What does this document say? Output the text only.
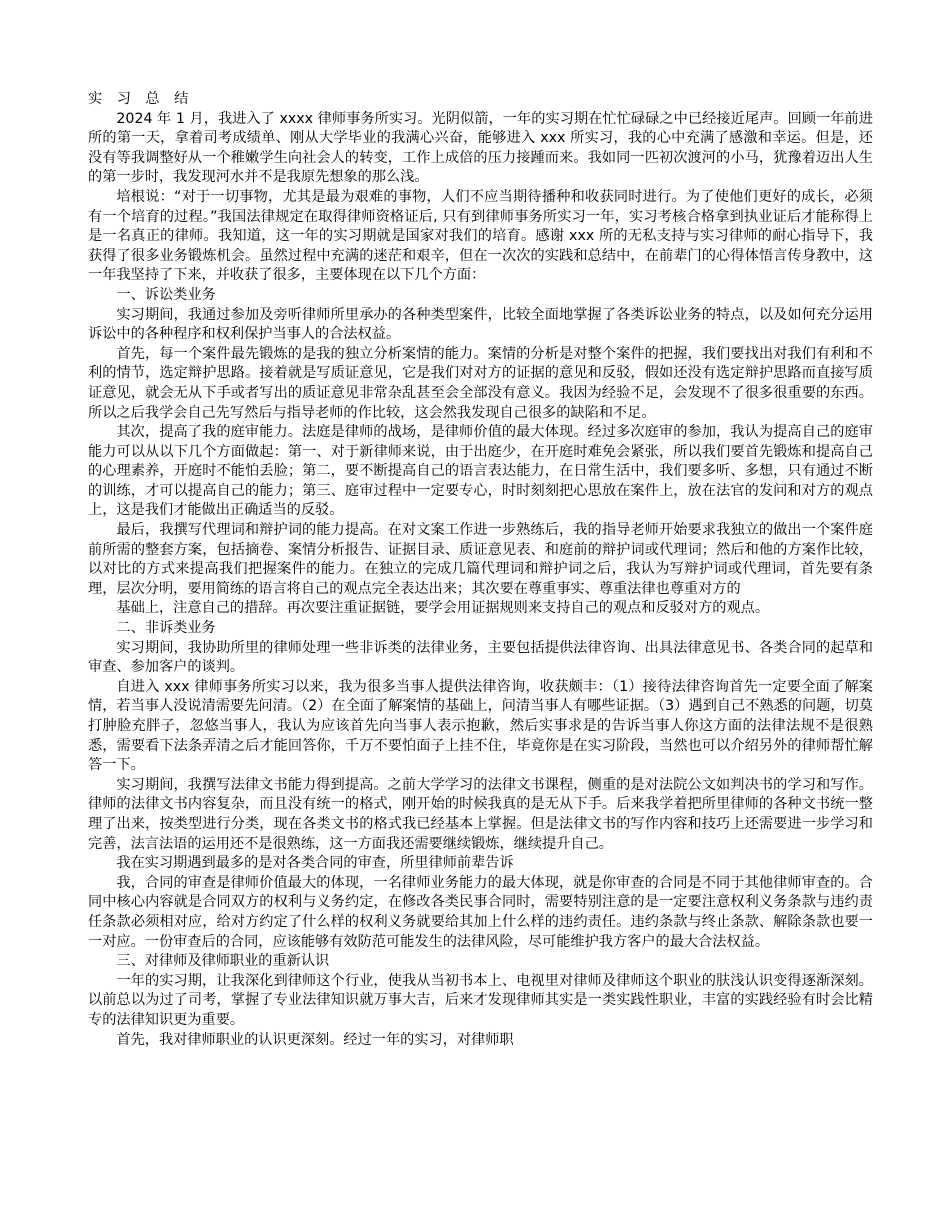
实 习 总 结

2024 年 1 月，我进入了 xxxx 律师事务所实习。光阴似箭，一年的实习期在忙忙碌碌之中已经接近尾声。回顾一年前进所的第一天，拿着司考成绩单、刚从大学毕业的我满心兴奋，能够进入 xxx 所实习，我的心中充满了感激和幸运。但是，还没有等我调整好从一个稚嫩学生向社会人的转变，工作上成倍的压力接踵而来。我如同一匹初次渡河的小马，犹豫着迈出人生的第一步时，我发现河水并不是我原先想象的那么浅。

培根说：“对于一切事物，尤其是最为艰难的事物，人们不应当期待播种和收获同时进行。为了使他们更好的成长，必须有一个培育的过程。”我国法律规定在取得律师资格证后, 只有到律师事务所实习一年，实习考核合格拿到执业证后才能称得上是一名真正的律师。我知道，这一年的实习期就是国家对我们的培育。感谢 xxx 所的无私支持与实习律师的耐心指导下，我获得了很多业务锻炼机会。虽然过程中充满的迷茫和艰辛，但在一次次的实践和总结中，在前辈门的心得体悟言传身教中，这一年我坚持了下来，并收获了很多，主要体现在以下几个方面：

一、诉讼类业务

实习期间，我通过参加及旁听律师所里承办的各种类型案件，比较全面地掌握了各类诉讼业务的特点，以及如何充分运用诉讼中的各种程序和权利保护当事人的合法权益。

首先，每一个案件最先锻炼的是我的独立分析案情的能力。案情的分析是对整个案件的把握，我们要找出对我们有利和不利的情节，选定辩护思路。接着就是写质证意见，它是我们对对方的证据的意见和反驳，假如还没有选定辩护思路而直接写质证意见，就会无从下手或者写出的质证意见非常杂乱甚至会全部没有意义。我因为经验不足，会发现不了很多很重要的东西。所以之后我学会自己先写然后与指导老师的作比较，这会然我发现自己很多的缺陷和不足。

其次，提高了我的庭审能力。法庭是律师的战场，是律师价值的最大体现。经过多次庭审的参加，我认为提高自己的庭审能力可以从以下几个方面做起：第一、对于新律师来说，由于出庭少，在开庭时难免会紧张，所以我们要首先锻炼和提高自己的心理素养，开庭时不能怕丢脸；第二，要不断提高自己的语言表达能力，在日常生活中，我们要多听、多想，只有通过不断的训练，才可以提高自己的能力；第三、庭审过程中一定要专心，时时刻刻把心思放在案件上，放在法官的发问和对方的观点上，这是我们才能做出正确适当的反驳。

最后，我撰写代理词和辩护词的能力提高。在对文案工作进一步熟练后，我的指导老师开始要求我独立的做出一个案件庭前所需的整套方案，包括摘卷、案情分析报告、证据目录、质证意见表、和庭前的辩护词或代理词；然后和他的方案作比较，以对比的方式来提高我们把握案件的能力。在独立的完成几篇代理词和辩护词之后，我认为写辩护词或代理词，首先要有条理，层次分明，要用简练的语言将自己的观点完全表达出来；其次要在尊重事实、尊重法律也尊重对方的

基础上，注意自己的措辞。再次要注重证据链，要学会用证据规则来支持自己的观点和反驳对方的观点。

二、非诉类业务

实习期间，我协助所里的律师处理一些非诉类的法律业务，主要包括提供法律咨询、出具法律意见书、各类合同的起草和审查、参加客户的谈判。

自进入 xxx 律师事务所实习以来，我为很多当事人提供法律咨询，收获颇丰：（1）接待法律咨询首先一定要全面了解案情，若当事人没说清需要先问清。（2）在全面了解案情的基础上，问清当事人有哪些证据。（3）遇到自己不熟悉的问题，切莫打肿脸充胖子，忽悠当事人，我认为应该首先向当事人表示抱歉，然后实事求是的告诉当事人你这方面的法律法规不是很熟悉，需要看下法条弄清之后才能回答你，千万不要怕面子上挂不住，毕竟你是在实习阶段，当然也可以介绍另外的律师帮忙解答一下。

实习期间，我撰写法律文书能力得到提高。之前大学学习的法律文书课程，侧重的是对法院公文如判决书的学习和写作。律师的法律文书内容复杂，而且没有统一的格式，刚开始的时候我真的是无从下手。后来我学着把所里律师的各种文书统一整理了出来，按类型进行分类，现在各类文书的格式我已经基本上掌握。但是法律文书的写作内容和技巧上还需要进一步学习和完善，法言法语的运用还不是很熟练，这一方面我还需要继续锻炼，继续提升自己。

我在实习期遇到最多的是对各类合同的审查，所里律师前辈告诉

我，合同的审查是律师价值最大的体现，一名律师业务能力的最大体现，就是你审查的合同是不同于其他律师审查的。合同中核心内容就是合同双方的权利与义务约定，在修改各类民事合同时，需要特别注意的是一定要注意权利义务条款与违约责任条款必须相对应，给对方约定了什么样的权利义务就要给其加上什么样的违约责任。违约条款与终止条款、解除条款也要一一对应。一份审查后的合同，应该能够有效防范可能发生的法律风险，尽可能维护我方客户的最大合法权益。

三、对律师及律师职业的重新认识

一年的实习期，让我深化到律师这个行业，使我从当初书本上、电视里对律师及律师这个职业的肤浅认识变得逐渐深刻。以前总以为过了司考，掌握了专业法律知识就万事大吉，后来才发现律师其实是一类实践性职业，丰富的实践经验有时会比精专的法律知识更为重要。

首先，我对律师职业的认识更深刻。经过一年的实习，对律师职
